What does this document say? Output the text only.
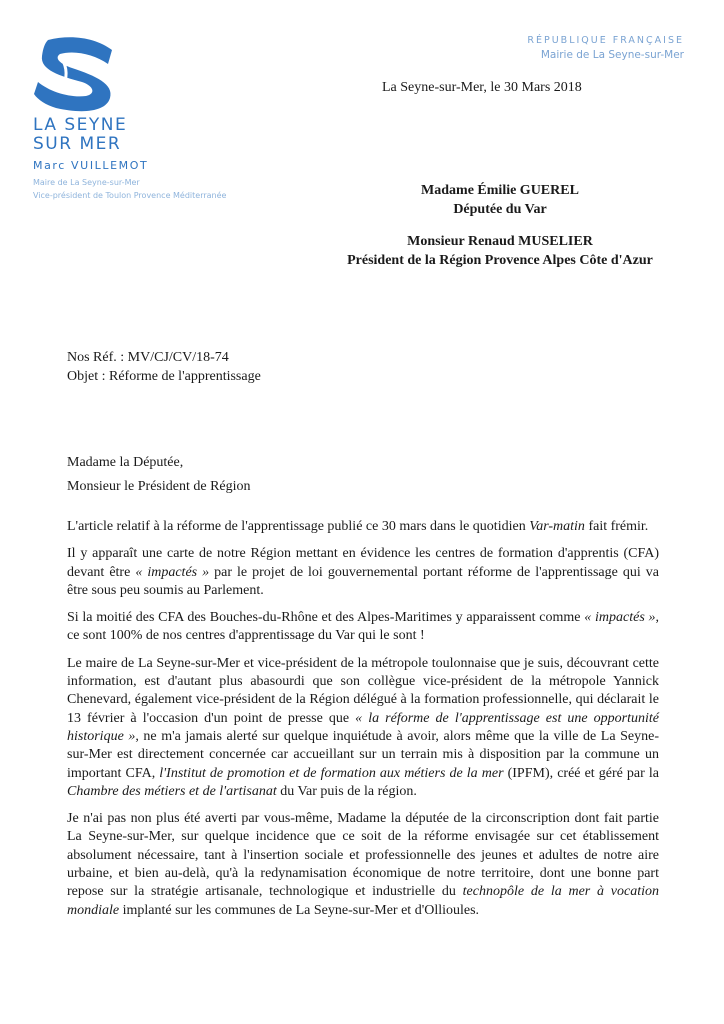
LA SEYNE
SUR MER
Marc VUILLEMOT
Maire de La Seyne-sur-Mer
Vice-président de Toulon Provence Méditerranée
RÉPUBLIQUE FRANÇAISE
Mairie de La Seyne-sur-Mer
La Seyne-sur-Mer, le 30 Mars 2018
Madame Émilie GUEREL
Députée du Var
Monsieur Renaud MUSELIER
Président de la Région Provence Alpes Côte d'Azur
Nos Réf. : MV/CJ/CV/18-74
Objet : Réforme de l'apprentissage
Madame la Députée,
Monsieur le Président de Région

L'article relatif à la réforme de l'apprentissage publié ce 30 mars dans le quotidien Var-matin fait frémir.

Il y apparaît une carte de notre Région mettant en évidence les centres de formation d'apprentis (CFA) devant être « impactés » par le projet de loi gouvernemental portant réforme de l'apprentissage qui va être sous peu soumis au Parlement.

Si la moitié des CFA des Bouches-du-Rhône et des Alpes-Maritimes y apparaissent comme « impactés », ce sont 100% de nos centres d'apprentissage du Var qui le sont !

Le maire de La Seyne-sur-Mer et vice-président de la métropole toulonnaise que je suis, découvrant cette information, est d'autant plus abasourdi que son collègue vice-président de la métropole Yannick Chenevard, également vice-président de la Région délégué à la formation professionnelle, qui déclarait le 13 février à l'occasion d'un point de presse que « la réforme de l'apprentissage est une opportunité historique », ne m'a jamais alerté sur quelque inquiétude à avoir, alors même que la ville de La Seyne-sur-Mer est directement concernée car accueillant sur un terrain mis à disposition par la commune un important CFA, l'Institut de promotion et de formation aux métiers de la mer (IPFM), créé et géré par la Chambre des métiers et de l'artisanat du Var puis de la région.

Je n'ai pas non plus été averti par vous-même, Madame la députée de la circonscription dont fait partie La Seyne-sur-Mer, sur quelque incidence que ce soit de la réforme envisagée sur cet établissement absolument nécessaire, tant à l'insertion sociale et professionnelle des jeunes et adultes de notre aire urbaine, et bien au-delà, qu'à la redynamisation économique de notre territoire, dont une bonne part repose sur la stratégie artisanale, technologique et industrielle du technopôle de la mer à vocation mondiale implanté sur les communes de La Seyne-sur-Mer et d'Ollioules.
